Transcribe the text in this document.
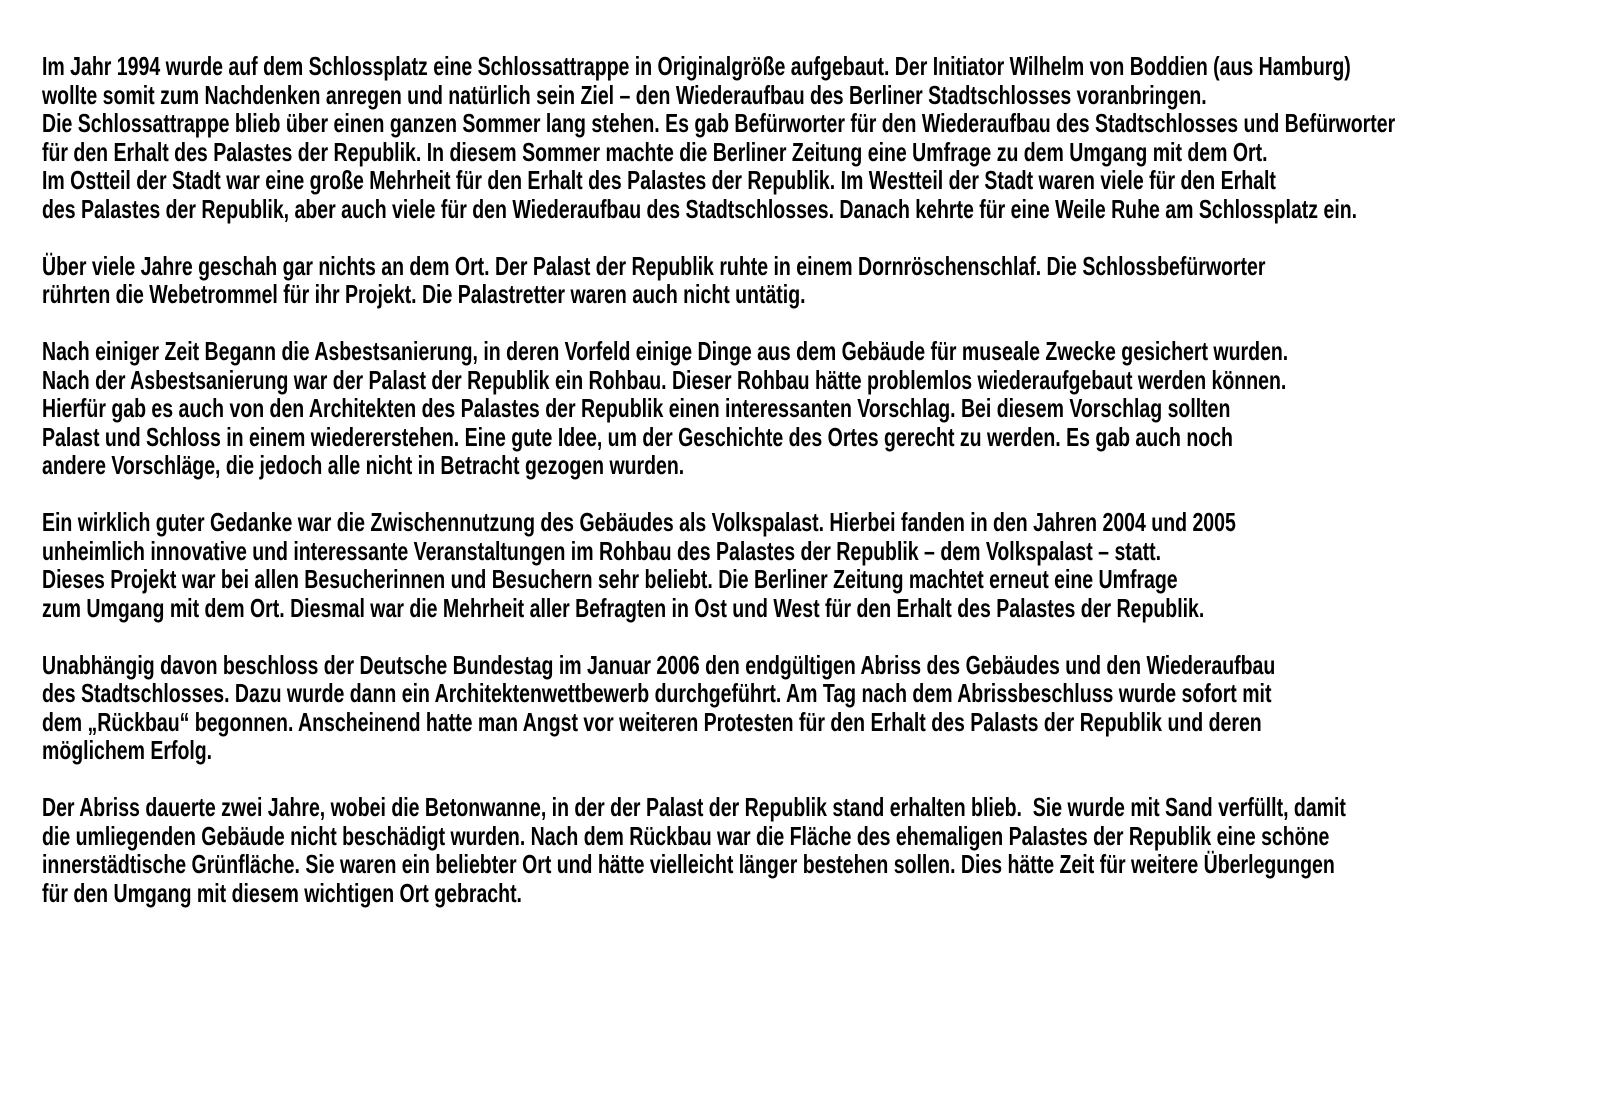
Im Jahr 1994 wurde auf dem Schlossplatz eine Schlossattrappe in Originalgröße aufgebaut. Der Initiator Wilhelm von Boddien (aus Hamburg)
wollte somit zum Nachdenken anregen und natürlich sein Ziel – den Wiederaufbau des Berliner Stadtschlosses voranbringen.
Die Schlossattrappe blieb über einen ganzen Sommer lang stehen. Es gab Befürworter für den Wiederaufbau des Stadtschlosses und Befürworter
für den Erhalt des Palastes der Republik. In diesem Sommer machte die Berliner Zeitung eine Umfrage zu dem Umgang mit dem Ort.
Im Ostteil der Stadt war eine große Mehrheit für den Erhalt des Palastes der Republik. Im Westteil der Stadt waren viele für den Erhalt
des Palastes der Republik, aber auch viele für den Wiederaufbau des Stadtschlosses. Danach kehrte für eine Weile Ruhe am Schlossplatz ein.

Über viele Jahre geschah gar nichts an dem Ort. Der Palast der Republik ruhte in einem Dornröschenschlaf. Die Schlossbefürworter
rührten die Webetrommel für ihr Projekt. Die Palastretter waren auch nicht untätig.

Nach einiger Zeit Begann die Asbestsanierung, in deren Vorfeld einige Dinge aus dem Gebäude für museale Zwecke gesichert wurden.
Nach der Asbestsanierung war der Palast der Republik ein Rohbau. Dieser Rohbau hätte problemlos wiederaufgebaut werden können.
Hierfür gab es auch von den Architekten des Palastes der Republik einen interessanten Vorschlag. Bei diesem Vorschlag sollten
Palast und Schloss in einem wiedererstehen. Eine gute Idee, um der Geschichte des Ortes gerecht zu werden. Es gab auch noch
andere Vorschläge, die jedoch alle nicht in Betracht gezogen wurden.

Ein wirklich guter Gedanke war die Zwischennutzung des Gebäudes als Volkspalast. Hierbei fanden in den Jahren 2004 und 2005
unheimlich innovative und interessante Veranstaltungen im Rohbau des Palastes der Republik – dem Volkspalast – statt.
Dieses Projekt war bei allen Besucherinnen und Besuchern sehr beliebt. Die Berliner Zeitung machtet erneut eine Umfrage
zum Umgang mit dem Ort. Diesmal war die Mehrheit aller Befragten in Ost und West für den Erhalt des Palastes der Republik.

Unabhängig davon beschloss der Deutsche Bundestag im Januar 2006 den endgültigen Abriss des Gebäudes und den Wiederaufbau
des Stadtschlosses. Dazu wurde dann ein Architektenwettbewerb durchgeführt. Am Tag nach dem Abrissbeschluss wurde sofort mit
dem „Rückbau“ begonnen. Anscheinend hatte man Angst vor weiteren Protesten für den Erhalt des Palasts der Republik und deren
möglichem Erfolg.

Der Abriss dauerte zwei Jahre, wobei die Betonwanne, in der der Palast der Republik stand erhalten blieb.  Sie wurde mit Sand verfüllt, damit
die umliegenden Gebäude nicht beschädigt wurden. Nach dem Rückbau war die Fläche des ehemaligen Palastes der Republik eine schöne
innerstädtische Grünfläche. Sie waren ein beliebter Ort und hätte vielleicht länger bestehen sollen. Dies hätte Zeit für weitere Überlegungen
für den Umgang mit diesem wichtigen Ort gebracht.
